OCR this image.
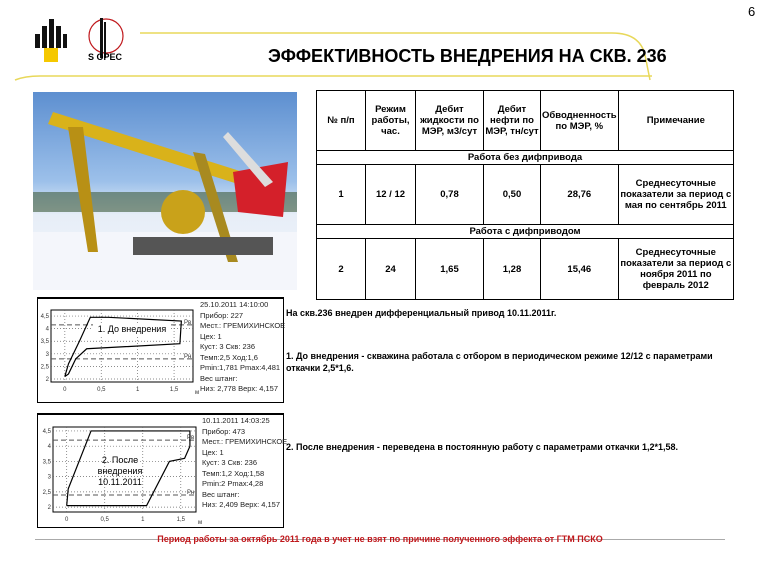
S OPEC
6
ЭФФЕКТИВНОСТЬ ВНЕДРЕНИЯ НА СКВ. 236
№ п/п	Режим работы, час.	Дебит жидкости по МЭР, м3/сут	Дебит нефти по МЭР, тн/сут	Обводненность по МЭР, %	Примечание
Работа без дифпривода					
1	12 / 12	0,78	0,50	28,76	Среднесуточные показатели за период с мая по сентябрь 2011
Работа с дифприводом					
2	24	1,65	1,28	15,46	Среднесуточные показатели за период с ноября 2011 по февраль 2012
4,5
4
3,5
3
2,5
2
0	0,5	1	1,5	м
Рв
Рн
1. До внедрения
25.10.2011 14:10:00
Прибор: 227
Мест.: ГРЕМИХИНСКОЕ
Цех: 1
Куст: 3 Скв: 236
Темп:2,5 Ход:1,6
Pmin:1,781 Pmax:4,481
Вес штанг:
Низ: 2,778 Верх: 4,157
4,5
4
3,5
3
2,5
2
0	0,5	1	1,5 м
Рв
Рн
2. После внедрения 10.11.2011
10.11.2011 14:03:25
Прибор: 473
Мест.: ГРЕМИХИНСКОЕ
Цех: 1
Куст: 3 Скв: 236
Темп:1,2 Ход:1,58
Pmin:2 Pmax:4,28
Вес штанг:
Низ: 2,409 Верх: 4,157
На скв.236 внедрен дифференциальный привод 10.11.2011г.
1. До внедрения - скважина работала с отбором в периодическом режиме 12/12 с параметрами откачки 2,5*1,6.
2. После внедрения - переведена в постоянную работу с параметрами откачки 1,2*1,58.
Период работы за октябрь 2011 года в учет не взят по причине полученного эффекта от ГТМ ПСКО
